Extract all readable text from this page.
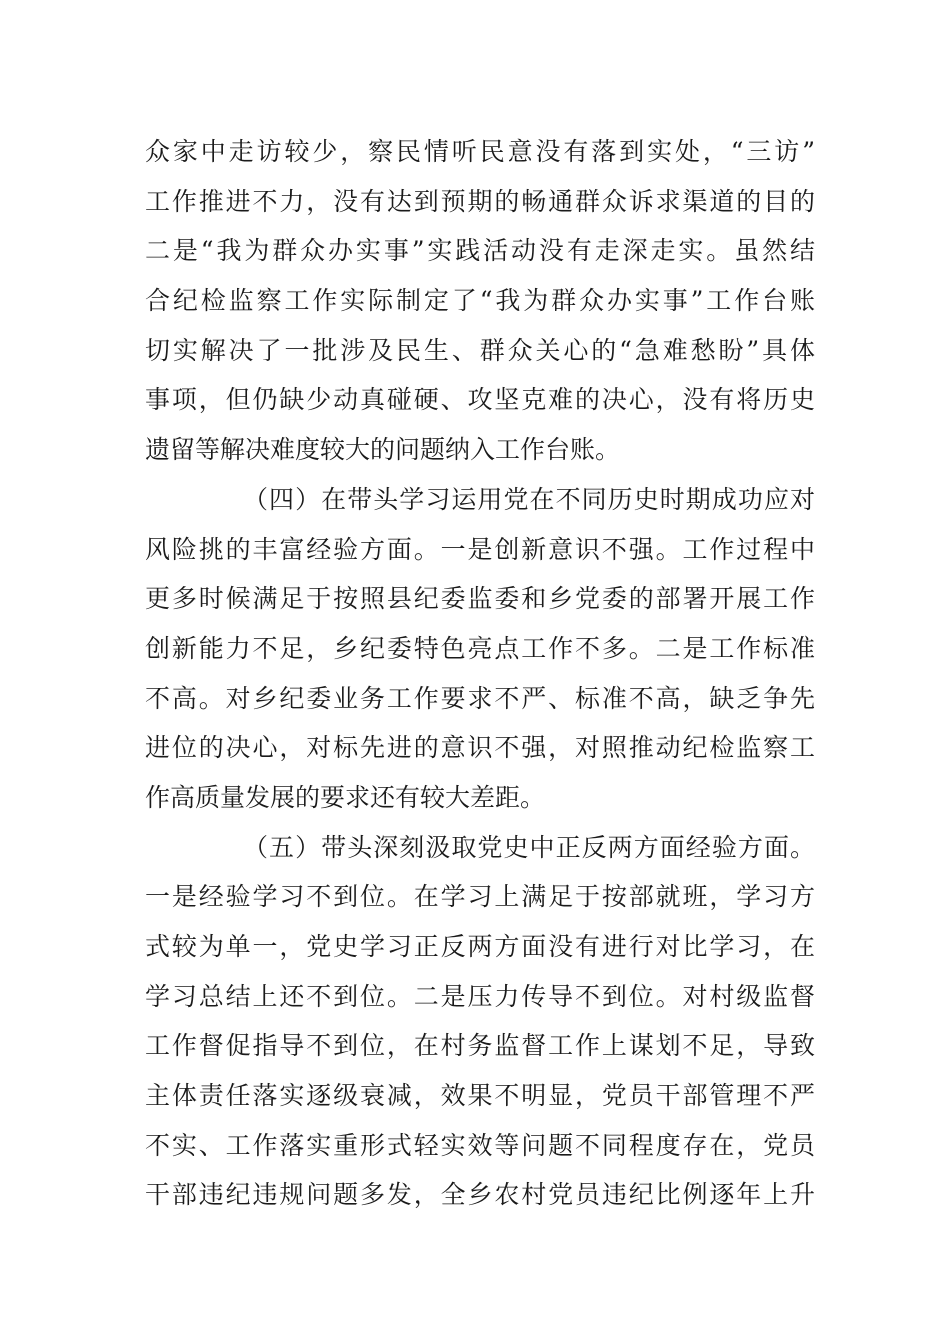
众家中走访较少，察民情听民意没有落到实处，“三访”
工作推进不力，没有达到预期的畅通群众诉求渠道的目的
二是“我为群众办实事”实践活动没有走深走实。虽然结
合纪检监察工作实际制定了“我为群众办实事”工作台账
切实解决了一批涉及民生、群众关心的“急难愁盼”具体
事项，但仍缺少动真碰硬、攻坚克难的决心，没有将历史
遗留等解决难度较大的问题纳入工作台账。
（四）在带头学习运用党在不同历史时期成功应对
风险挑的丰富经验方面。一是创新意识不强。工作过程中
更多时候满足于按照县纪委监委和乡党委的部署开展工作
创新能力不足，乡纪委特色亮点工作不多。二是工作标准
不高。对乡纪委业务工作要求不严、标准不高，缺乏争先
进位的决心，对标先进的意识不强，对照推动纪检监察工
作高质量发展的要求还有较大差距。
（五）带头深刻汲取党史中正反两方面经验方面。
一是经验学习不到位。在学习上满足于按部就班，学习方
式较为单一，党史学习正反两方面没有进行对比学习，在
学习总结上还不到位。二是压力传导不到位。对村级监督
工作督促指导不到位，在村务监督工作上谋划不足，导致
主体责任落实逐级衰减，效果不明显，党员干部管理不严
不实、工作落实重形式轻实效等问题不同程度存在，党员
干部违纪违规问题多发，全乡农村党员违纪比例逐年上升
